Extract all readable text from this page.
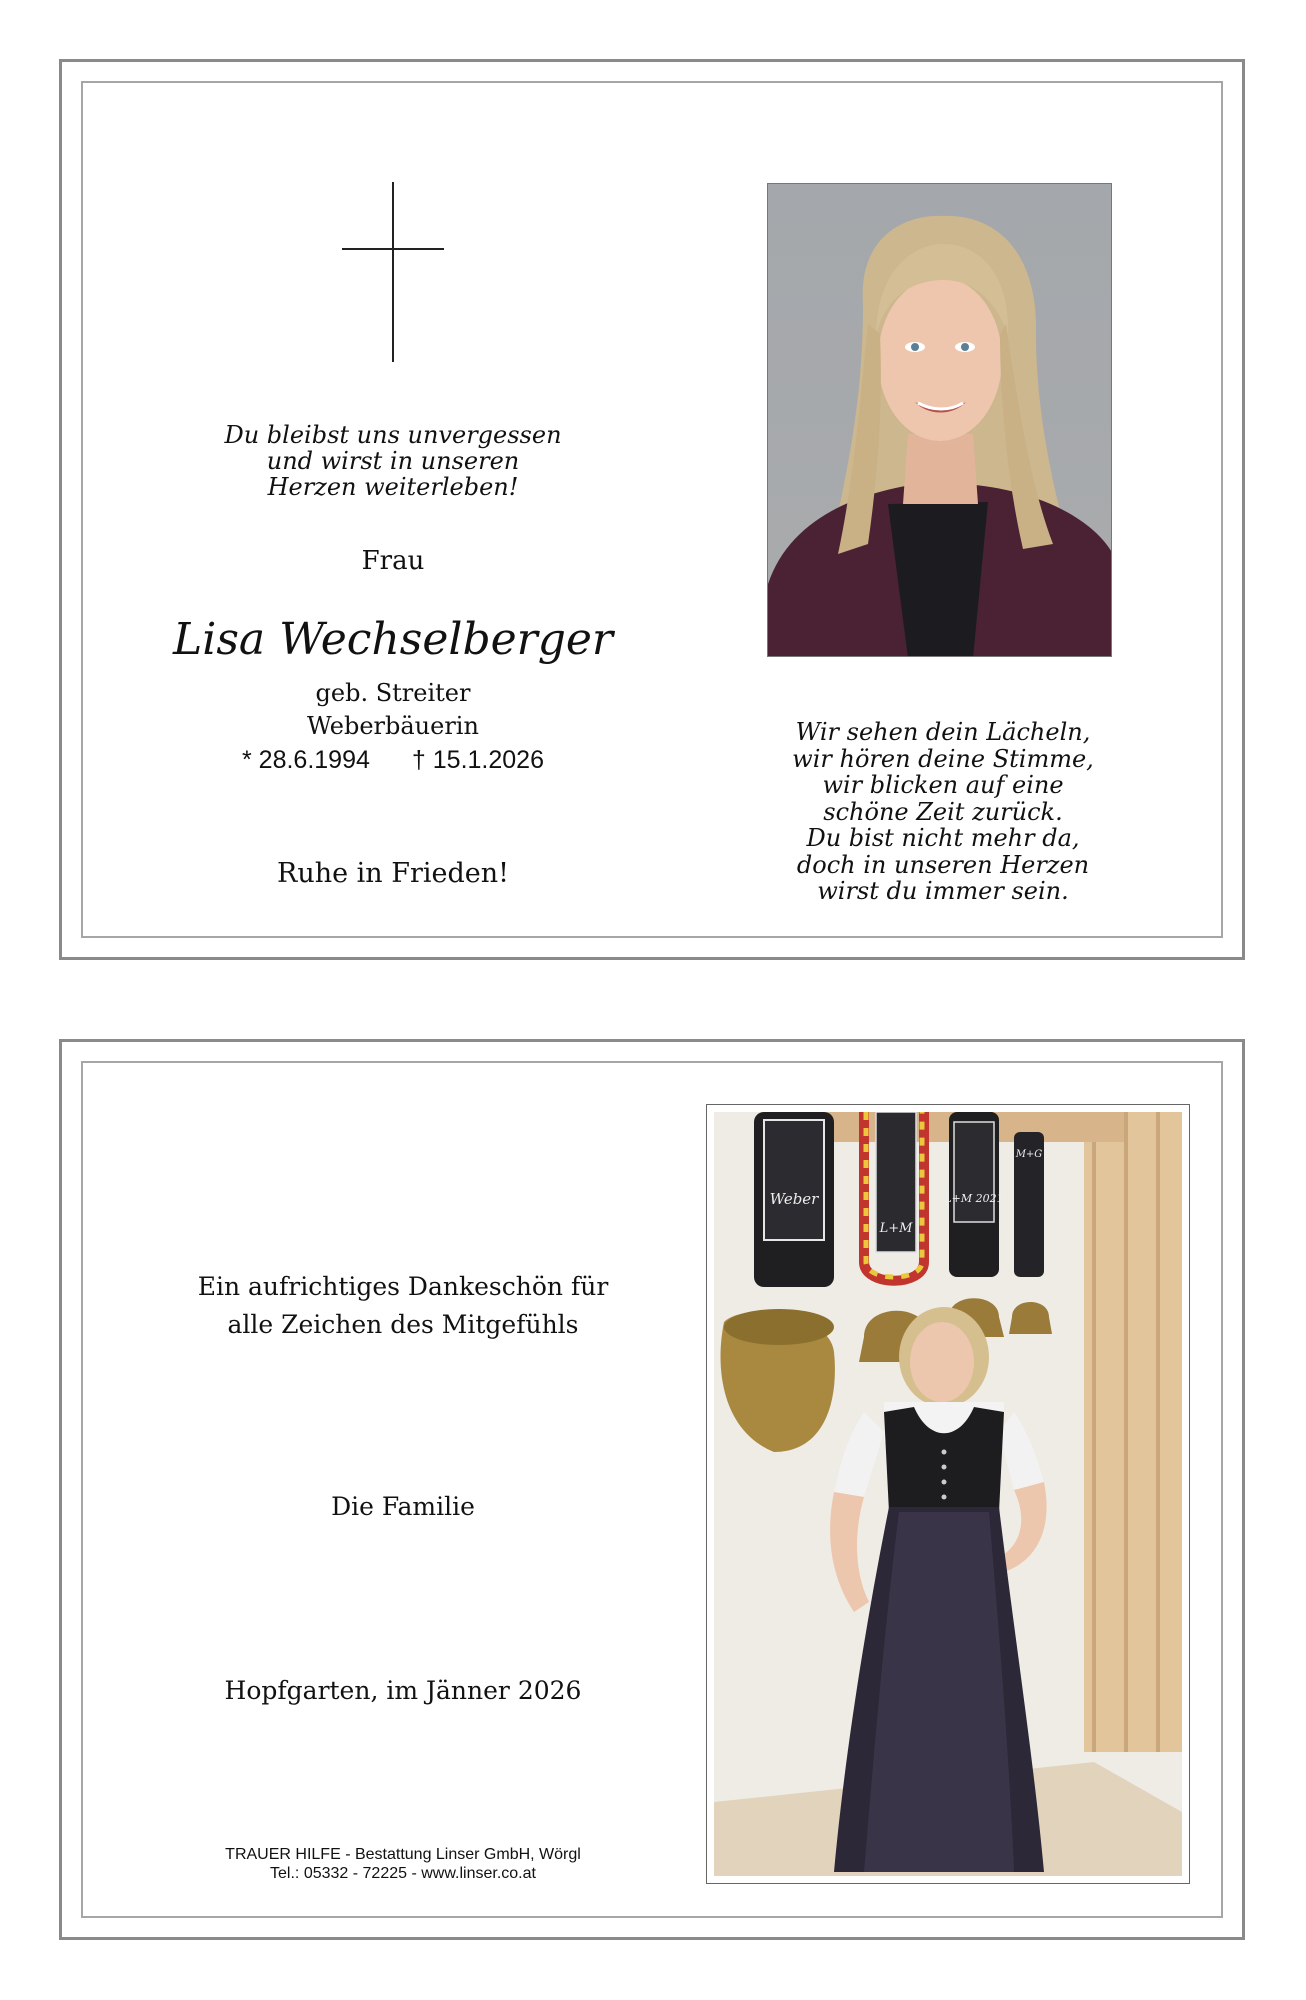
Du bleibst uns unvergessen
und wirst in unseren
Herzen weiterleben!
Frau
Lisa Wechselberger
geb. Streiter
Weberbäuerin
* 28.6.1994 † 15.1.2026
Ruhe in Frieden!
Wir sehen dein Lächeln,
wir hören deine Stimme,
wir blicken auf eine
schöne Zeit zurück.
Du bist nicht mehr da,
doch in unseren Herzen
wirst du immer sein.
Ein aufrichtiges Dankeschön für
alle Zeichen des Mitgefühls
Die Familie
Hopfgarten, im Jänner 2026
TRAUER HILFE - Bestattung Linser GmbH, Wörgl
Tel.: 05332 - 72225 - www.linser.co.at
Weber
L+M
L+M 2021
M+G
